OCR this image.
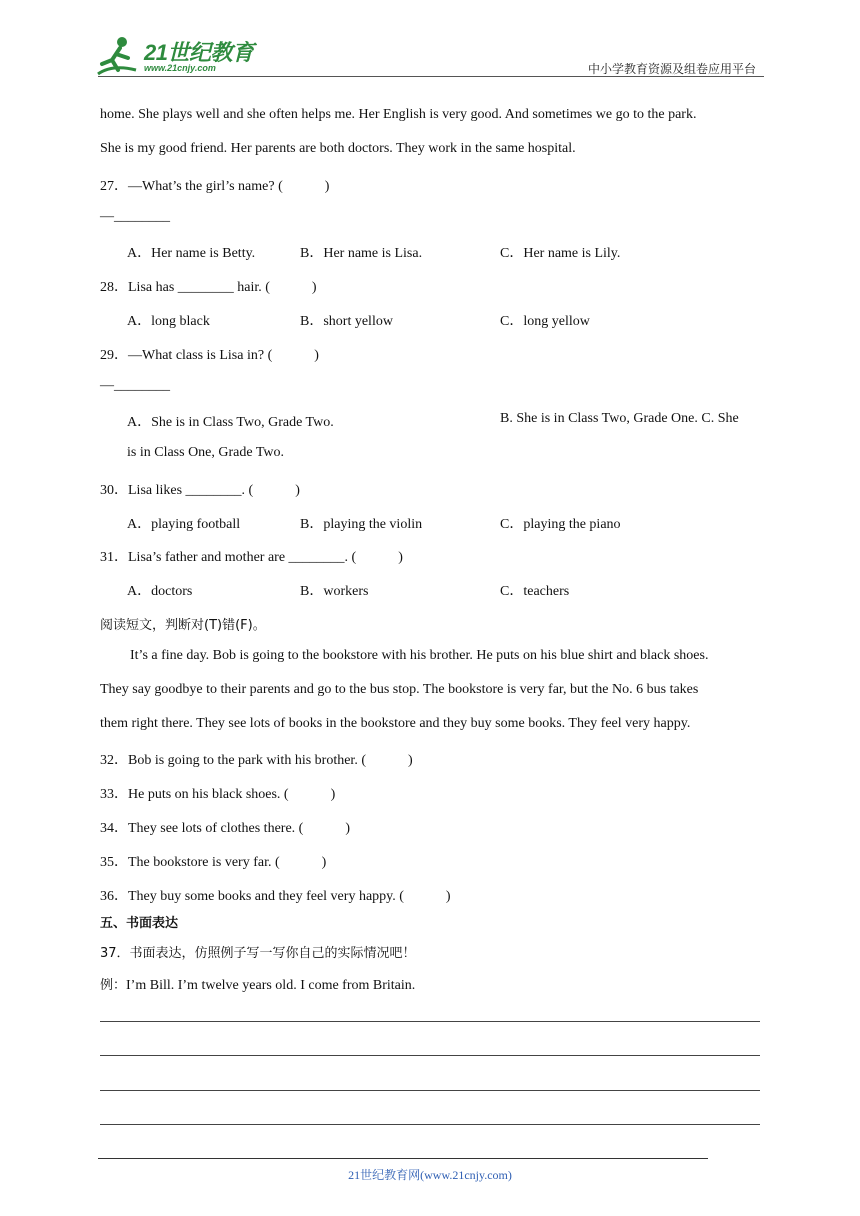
21世纪教育
www.21cnjy.com	中小学教育资源及组卷应用平台
home. She plays well and she often helps me. Her English is very good. And sometimes we go to the park.
She is my good friend. Her parents are both doctors. They work in the same hospital.
27．—What’s the girl’s name? (　　　)
—________
A．Her name is Betty.	B．Her name is Lisa.	C．Her name is Lily.
28．Lisa has ________ hair. (　　　)
A．long black	B．short yellow	C．long yellow
29．—What class is Lisa in? (　　　)
—________
A．She is in Class Two, Grade Two.	B. She is in Class Two, Grade One. C. She
is in Class One, Grade Two.
30．Lisa likes ________. (　　　)
A．playing football	B．playing the violin	C．playing the piano
31．Lisa’s father and mother are ________. (　　　)
A．doctors	B．workers	C．teachers
阅读短文，判断对(T)错(F)。
It’s a fine day. Bob is going to the bookstore with his brother. He puts on his blue shirt and black shoes.
They say goodbye to their parents and go to the bus stop. The bookstore is very far, but the No. 6 bus takes
them right there. They see lots of books in the bookstore and they buy some books. They feel very happy.
32．Bob is going to the park with his brother. (　　　)
33．He puts on his black shoes. (　　　)
34．They see lots of clothes there. (　　　)
35．The bookstore is very far. (　　　)
36．They buy some books and they feel very happy. (　　　)
五、书面表达
37．书面表达，仿照例子写一写你自己的实际情况吧！
例：I’m Bill. I’m twelve years old. I come from Britain.
21世纪教育网(www.21cnjy.com)
